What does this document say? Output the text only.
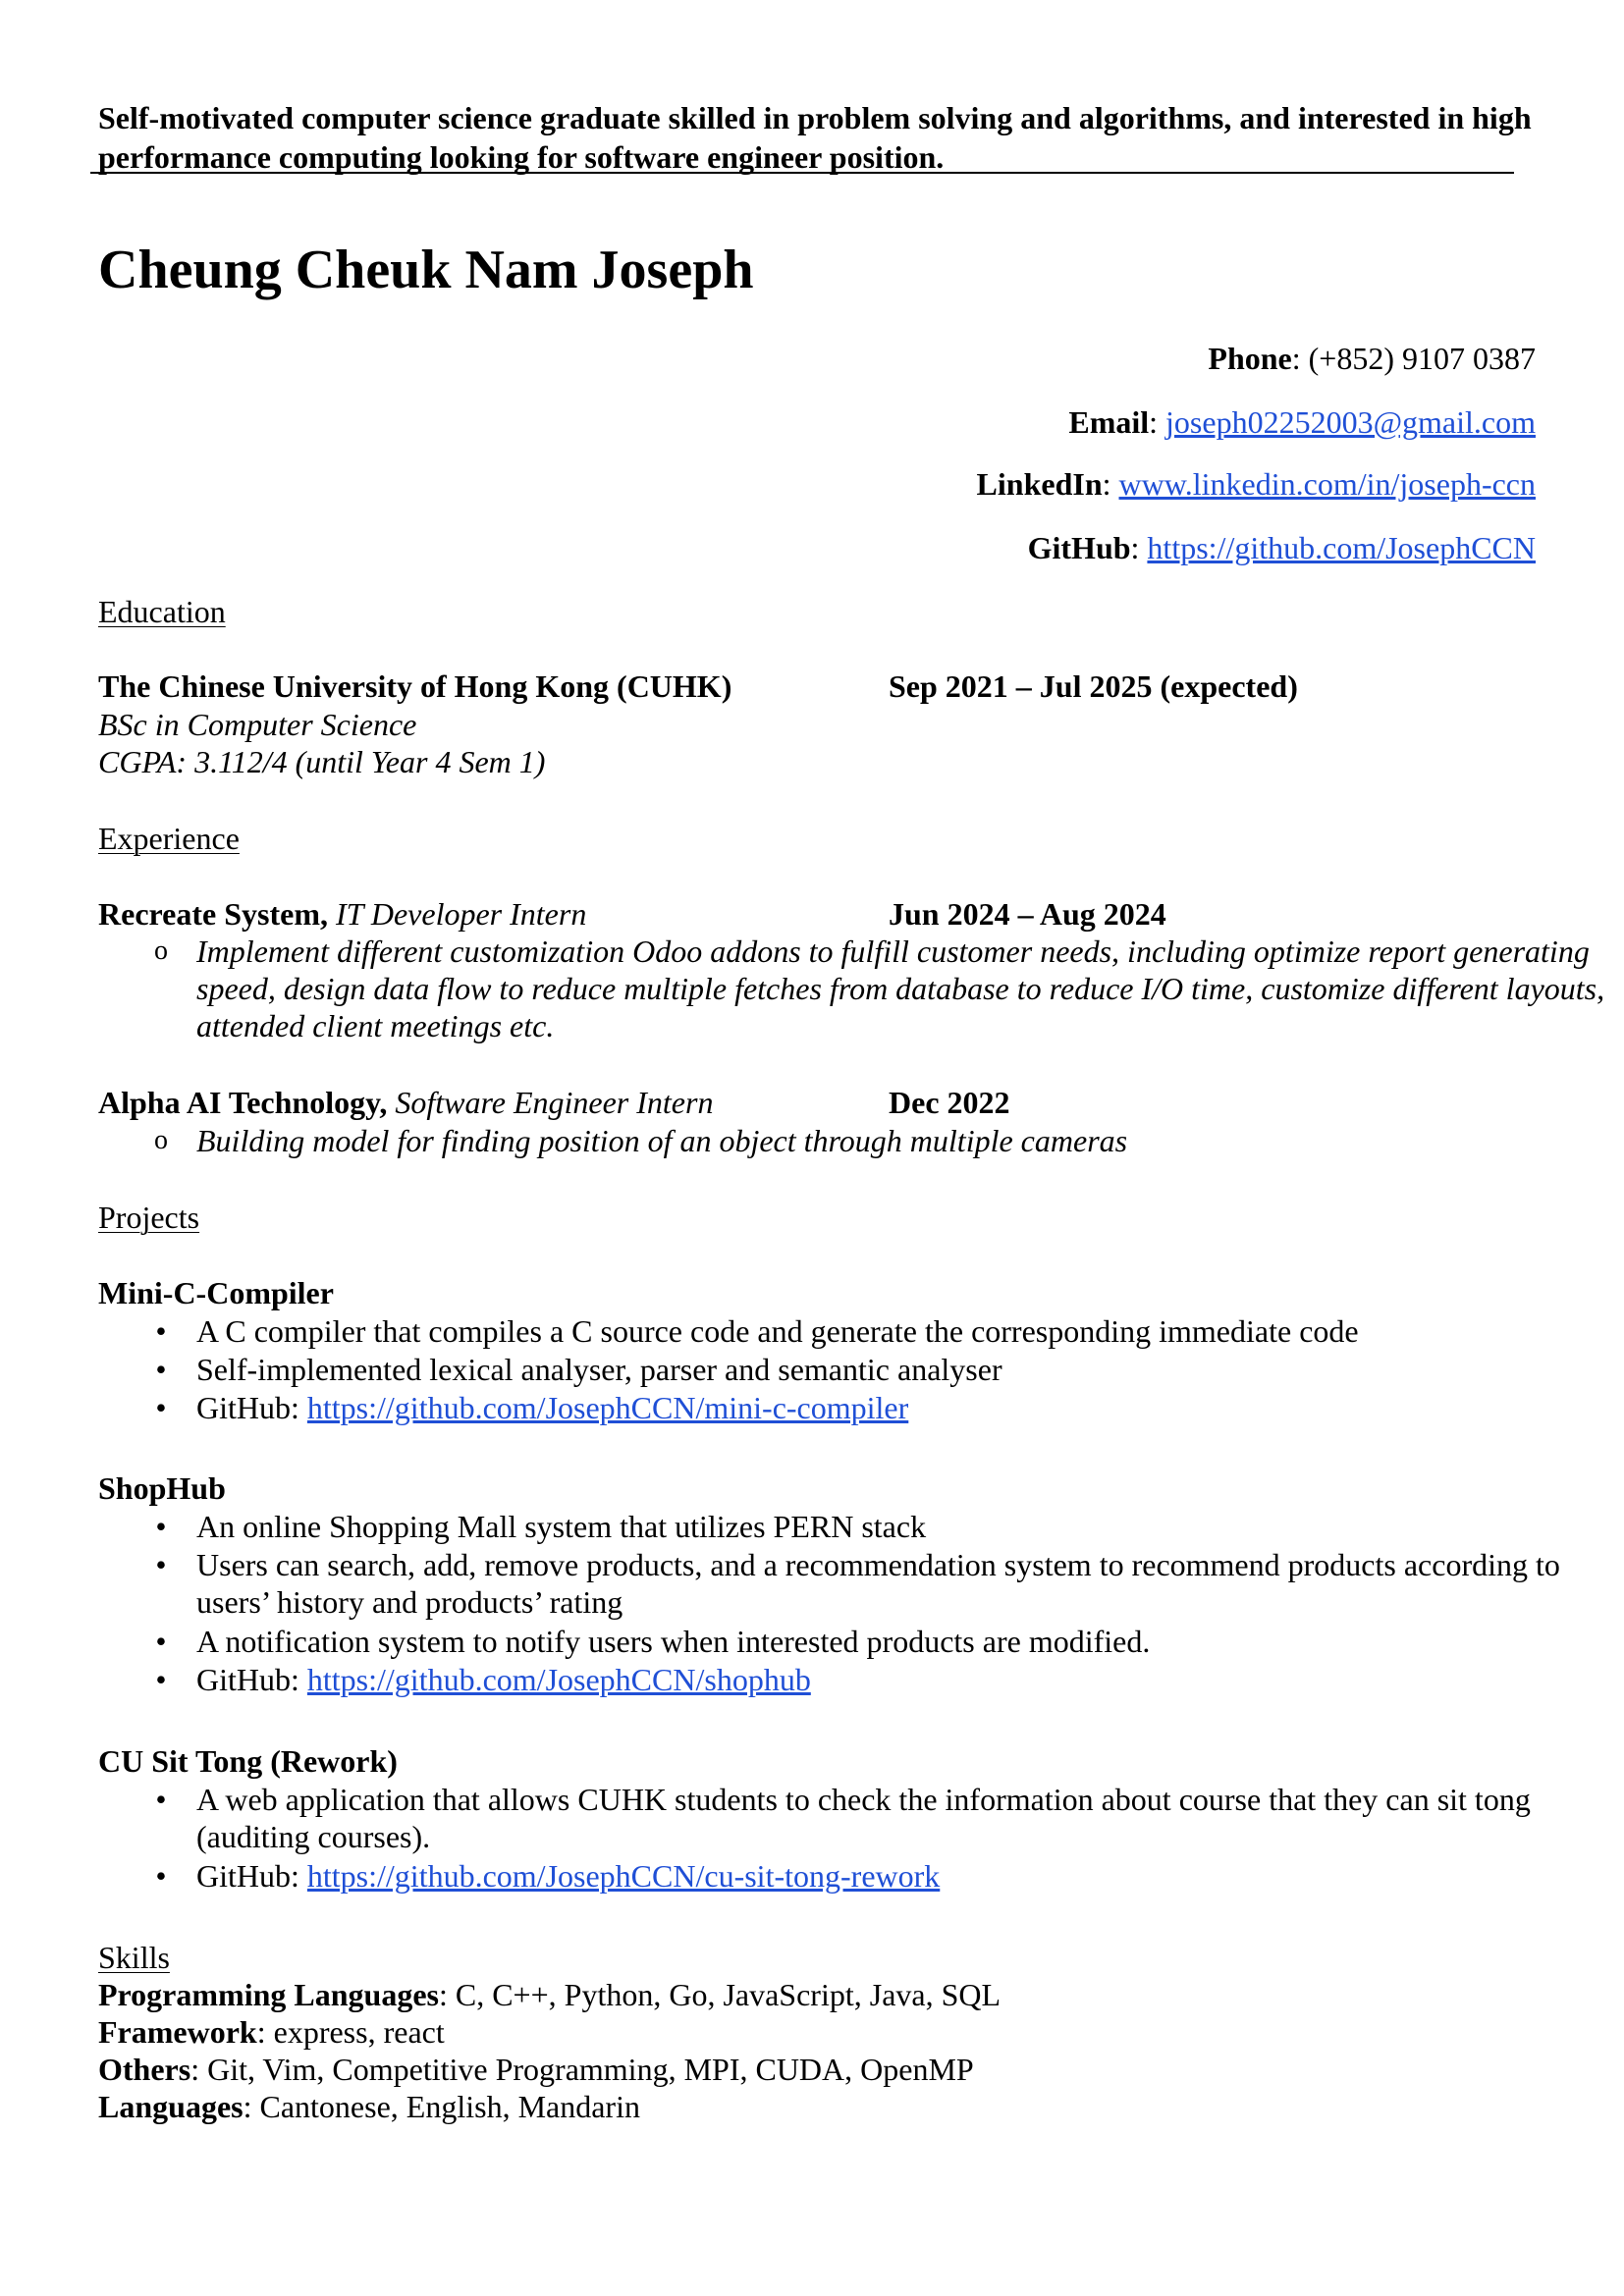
Self-motivated computer science graduate skilled in problem solving and algorithms, and interested in high performance computing looking for software engineer position.
Cheung Cheuk Nam Joseph
Phone: (+852) 9107 0387
Email: joseph02252003@gmail.com
LinkedIn: www.linkedin.com/in/joseph-ccn
GitHub: https://github.com/JosephCCN
Education
The Chinese University of Hong Kong (CUHK)	Sep 2021 – Jul 2025 (expected)
BSc in Computer Science
CGPA: 3.112/4 (until Year 4 Sem 1)
Experience
Recreate System, IT Developer Intern	Jun 2024 – Aug 2024
o Implement different customization Odoo addons to fulfill customer needs, including optimize report generating speed, design data flow to reduce multiple fetches from database to reduce I/O time, customize different layouts, attended client meetings etc.
Alpha AI Technology, Software Engineer Intern	Dec 2022
o Building model for finding position of an object through multiple cameras
Projects
Mini-C-Compiler
• A C compiler that compiles a C source code and generate the corresponding immediate code
• Self-implemented lexical analyser, parser and semantic analyser
• GitHub: https://github.com/JosephCCN/mini-c-compiler
ShopHub
• An online Shopping Mall system that utilizes PERN stack
• Users can search, add, remove products, and a recommendation system to recommend products according to users’ history and products’ rating
• A notification system to notify users when interested products are modified.
• GitHub: https://github.com/JosephCCN/shophub
CU Sit Tong (Rework)
• A web application that allows CUHK students to check the information about course that they can sit tong (auditing courses).
• GitHub: https://github.com/JosephCCN/cu-sit-tong-rework
Skills
Programming Languages: C, C++, Python, Go, JavaScript, Java, SQL
Framework: express, react
Others: Git, Vim, Competitive Programming, MPI, CUDA, OpenMP
Languages: Cantonese, English, Mandarin
